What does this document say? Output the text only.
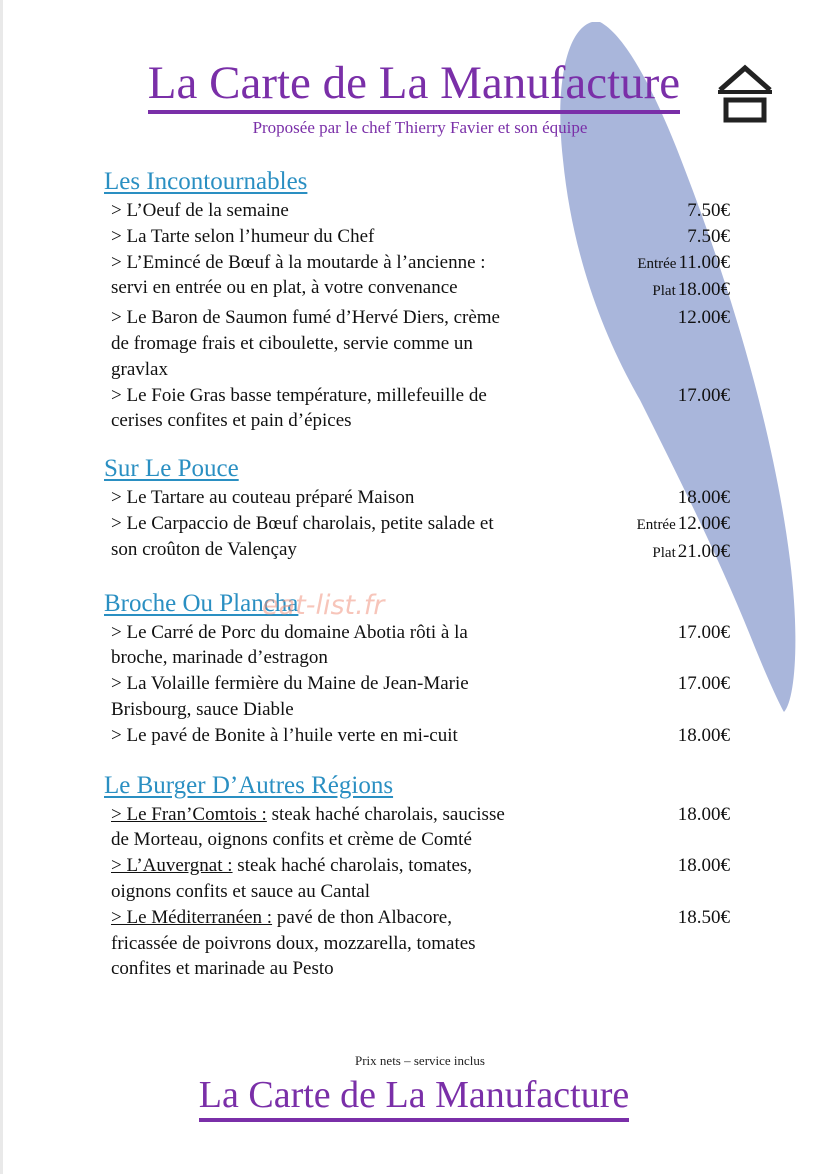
La Carte de La Manufacture
Proposée par le chef Thierry Favier et son équipe
Les Incontournables
> L’Oeuf de la semaine	7.50€
> La Tarte selon l’humeur du Chef	7.50€
> L’Emincé de Bœuf à la moutarde à l’ancienne :
servi en entrée ou en plat, à votre convenance
Entrée 11.00€
Plat 18.00€
> Le Baron de Saumon fumé d’Hervé Diers, crème
de fromage frais et ciboulette, servie comme un
gravlax
12.00€
> Le Foie Gras basse température, millefeuille de
cerises confites et pain d’épices
17.00€
Sur Le Pouce
> Le Tartare au couteau préparé Maison	18.00€
> Le Carpaccio de Bœuf charolais, petite salade et
son croûton de Valençay
Entrée 12.00€
Plat 21.00€
Broche Ou Plancha
> Le Carré de Porc du domaine Abotia rôti à la
broche, marinade d’estragon
17.00€
> La Volaille fermière du Maine de Jean-Marie
Brisbourg, sauce Diable
17.00€
> Le pavé de Bonite à l’huile verte en mi-cuit	18.00€
Le Burger D’Autres Régions
> Le Fran’Comtois : steak haché charolais, saucisse
de Morteau, oignons confits et crème de Comté
18.00€
> L’Auvergnat : steak haché charolais, tomates,
oignons confits et sauce au Cantal
18.00€
> Le Méditerranéen : pavé de thon Albacore,
fricassée de poivrons doux, mozzarella, tomates
confites et marinade au Pesto
18.50€
eat-list.fr
Prix nets – service inclus
La Carte de La Manufacture
